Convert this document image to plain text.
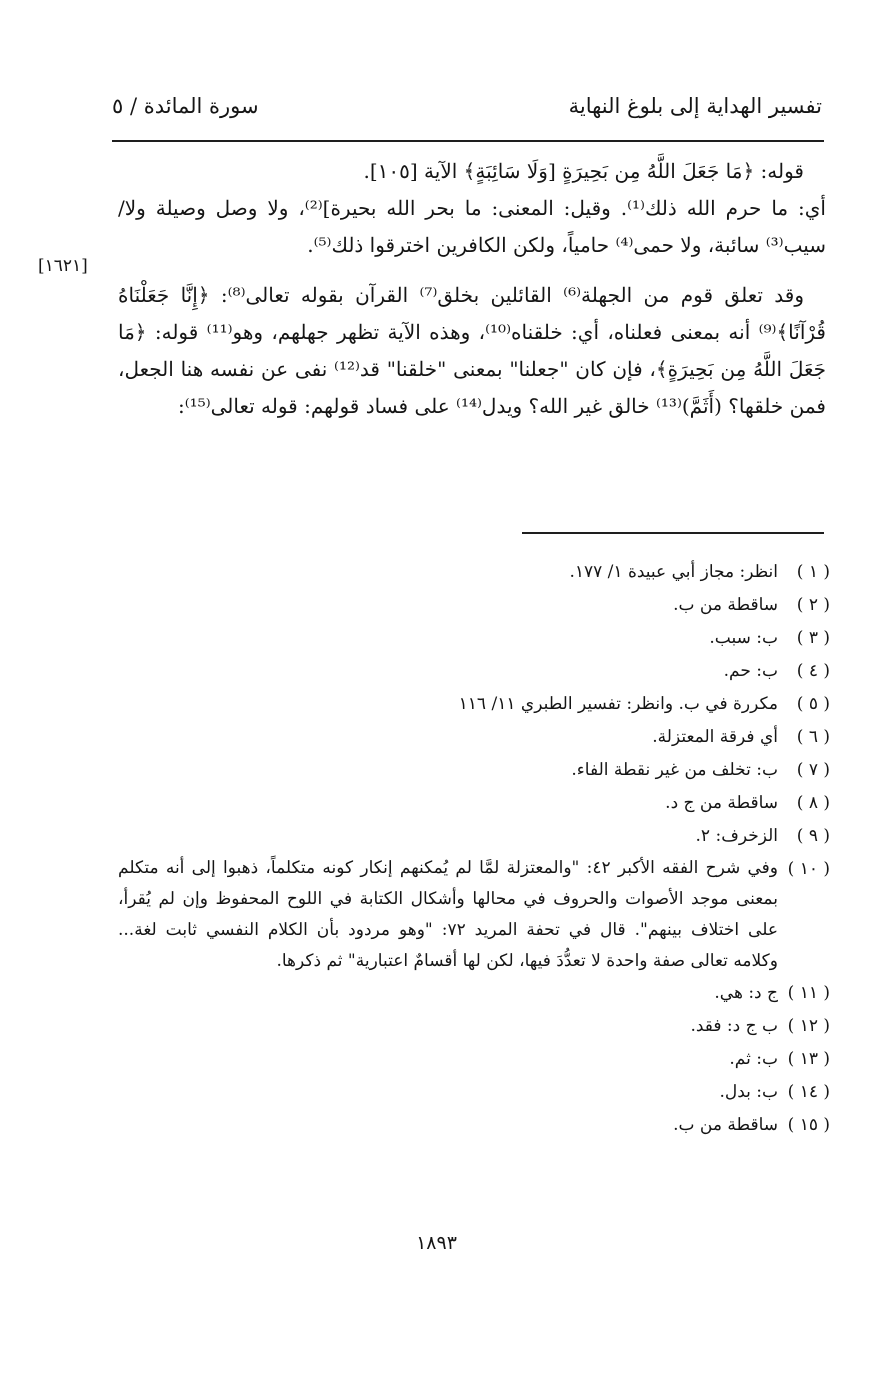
تفسير الهداية إلى بلوغ النهاية
سورة المائدة / ٥
[١٦٢١]

قوله: ﴿مَا جَعَلَ اللَّهُ مِن بَحِيرَةٍ [وَلَا سَائِبَةٍ﴾ الآية [١٠٥].

أي: ما حرم الله ذلك⁽¹⁾. وقيل: المعنى: ما بحر الله بحيرة]⁽²⁾، ولا وصل وصيلة ولا/ سيب⁽³⁾ سائبة، ولا حمى⁽⁴⁾ حامياً، ولكن الكافرين اخترقوا ذلك⁽⁵⁾.

وقد تعلق قوم من الجهلة⁽⁶⁾ القائلين بخلق⁽⁷⁾ القرآن بقوله تعالى⁽⁸⁾: ﴿إِنَّا جَعَلْنَاهُ قُرْآنًا﴾⁽⁹⁾ أنه بمعنى فعلناه، أي: خلقناه⁽¹⁰⁾، وهذه الآية تظهر جهلهم، وهو⁽¹¹⁾ قوله: ﴿مَا جَعَلَ اللَّهُ مِن بَحِيرَةٍ﴾، فإن كان "جعلنا" بمعنى "خلقنا" قد⁽¹²⁾ نفى عن نفسه هنا الجعل، فمن خلقها؟ (أَثَمَّ)⁽¹³⁾ خالق غير الله؟ ويدل⁽¹⁴⁾ على فساد قولهم: قوله تعالى⁽¹⁵⁾:

( ١ )
انظر: مجاز أبي عبيدة ١/ ١٧٧.
( ٢ )
ساقطة من ب.
( ٣ )
ب: سبب.
( ٤ )
ب: حم.
( ٥ )
مكررة في ب. وانظر: تفسير الطبري ١١/ ١١٦
( ٦ )
أي فرقة المعتزلة.
( ٧ )
ب: تخلف من غير نقطة الفاء.
( ٨ )
ساقطة من ج د.
( ٩ )
الزخرف: ٢.
( ١٠ )
وفي شرح الفقه الأكبر ٤٢: "والمعتزلة لمَّا لم يُمكنهم إنكار كونه متكلماً، ذهبوا إلى أنه متكلم بمعنى موجد الأصوات والحروف في محالها وأشكال الكتابة في اللوح المحفوظ وإن لم يُقرأ، على اختلاف بينهم". قال في تحفة المريد ٧٢: "وهو مردود بأن الكلام النفسي ثابت لغة... وكلامه تعالى صفة واحدة لا تعدُّدَ فيها، لكن لها أقسامٌ اعتبارية" ثم ذكرها.
( ١١ )
ج د: هي.
( ١٢ )
ب ج د: فقد.
( ١٣ )
ب: ثم.
( ١٤ )
ب: بدل.
( ١٥ )
ساقطة من ب.
١٨٩٣
